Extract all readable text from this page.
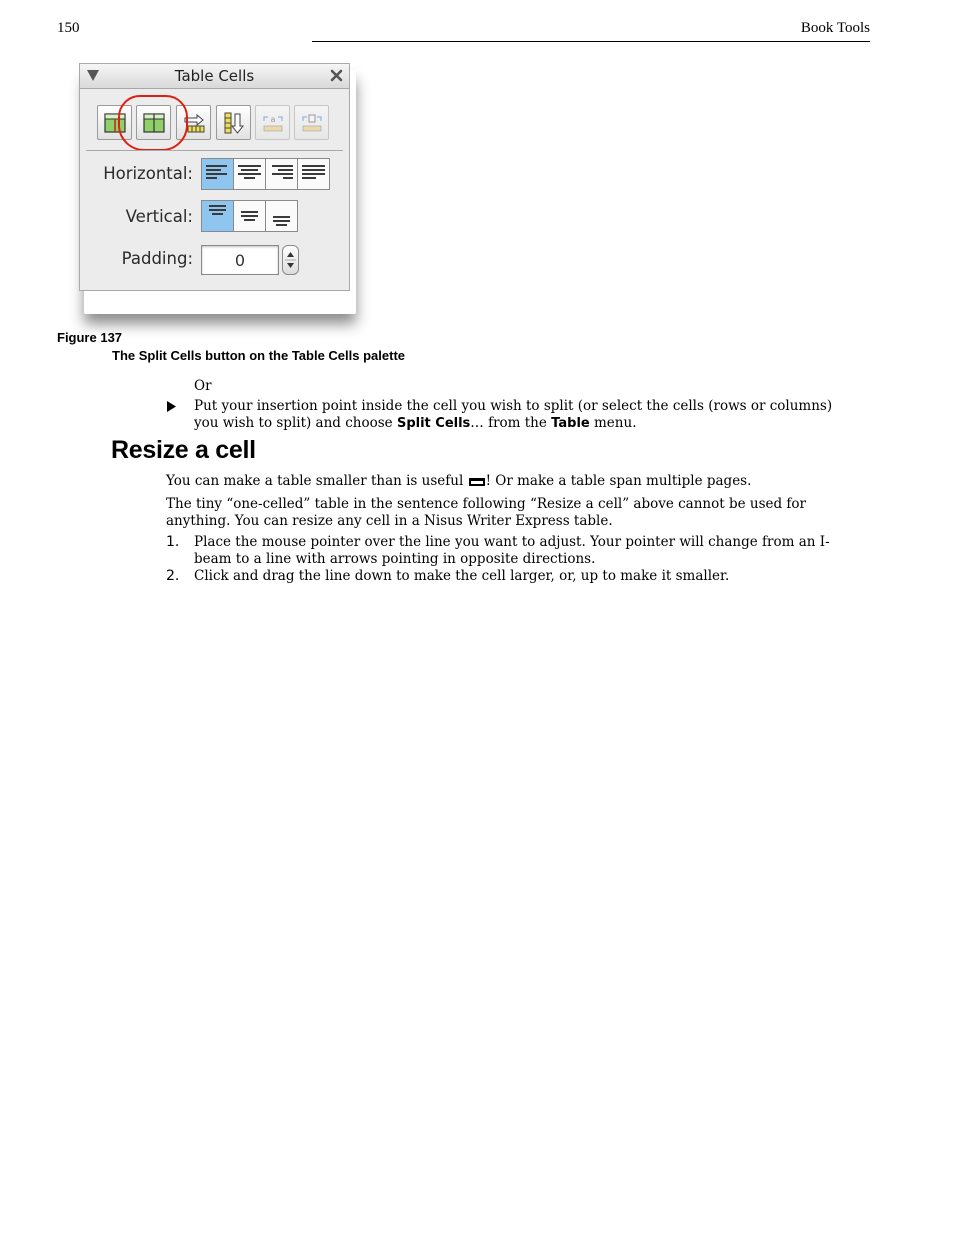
150	Book Tools
Table Cells
a
Horizontal:
Vertical:
Padding:
0
Figure 137
The Split Cells button on the Table Cells palette
Or
Put your insertion point inside the cell you wish to split (or select the cells (rows or columns) you wish to split) and choose Split Cells… from the Table menu.
Resize a cell
You can make a table smaller than is useful ! Or make a table span multiple pages.
The tiny “one-celled” table in the sentence following “Resize a cell” above cannot be used for anything. You can resize any cell in a Nisus Writer Express table.
1. Place the mouse pointer over the line you want to adjust. Your pointer will change from an I-beam to a line with arrows pointing in opposite directions.
2. Click and drag the line down to make the cell larger, or, up to make it smaller.
